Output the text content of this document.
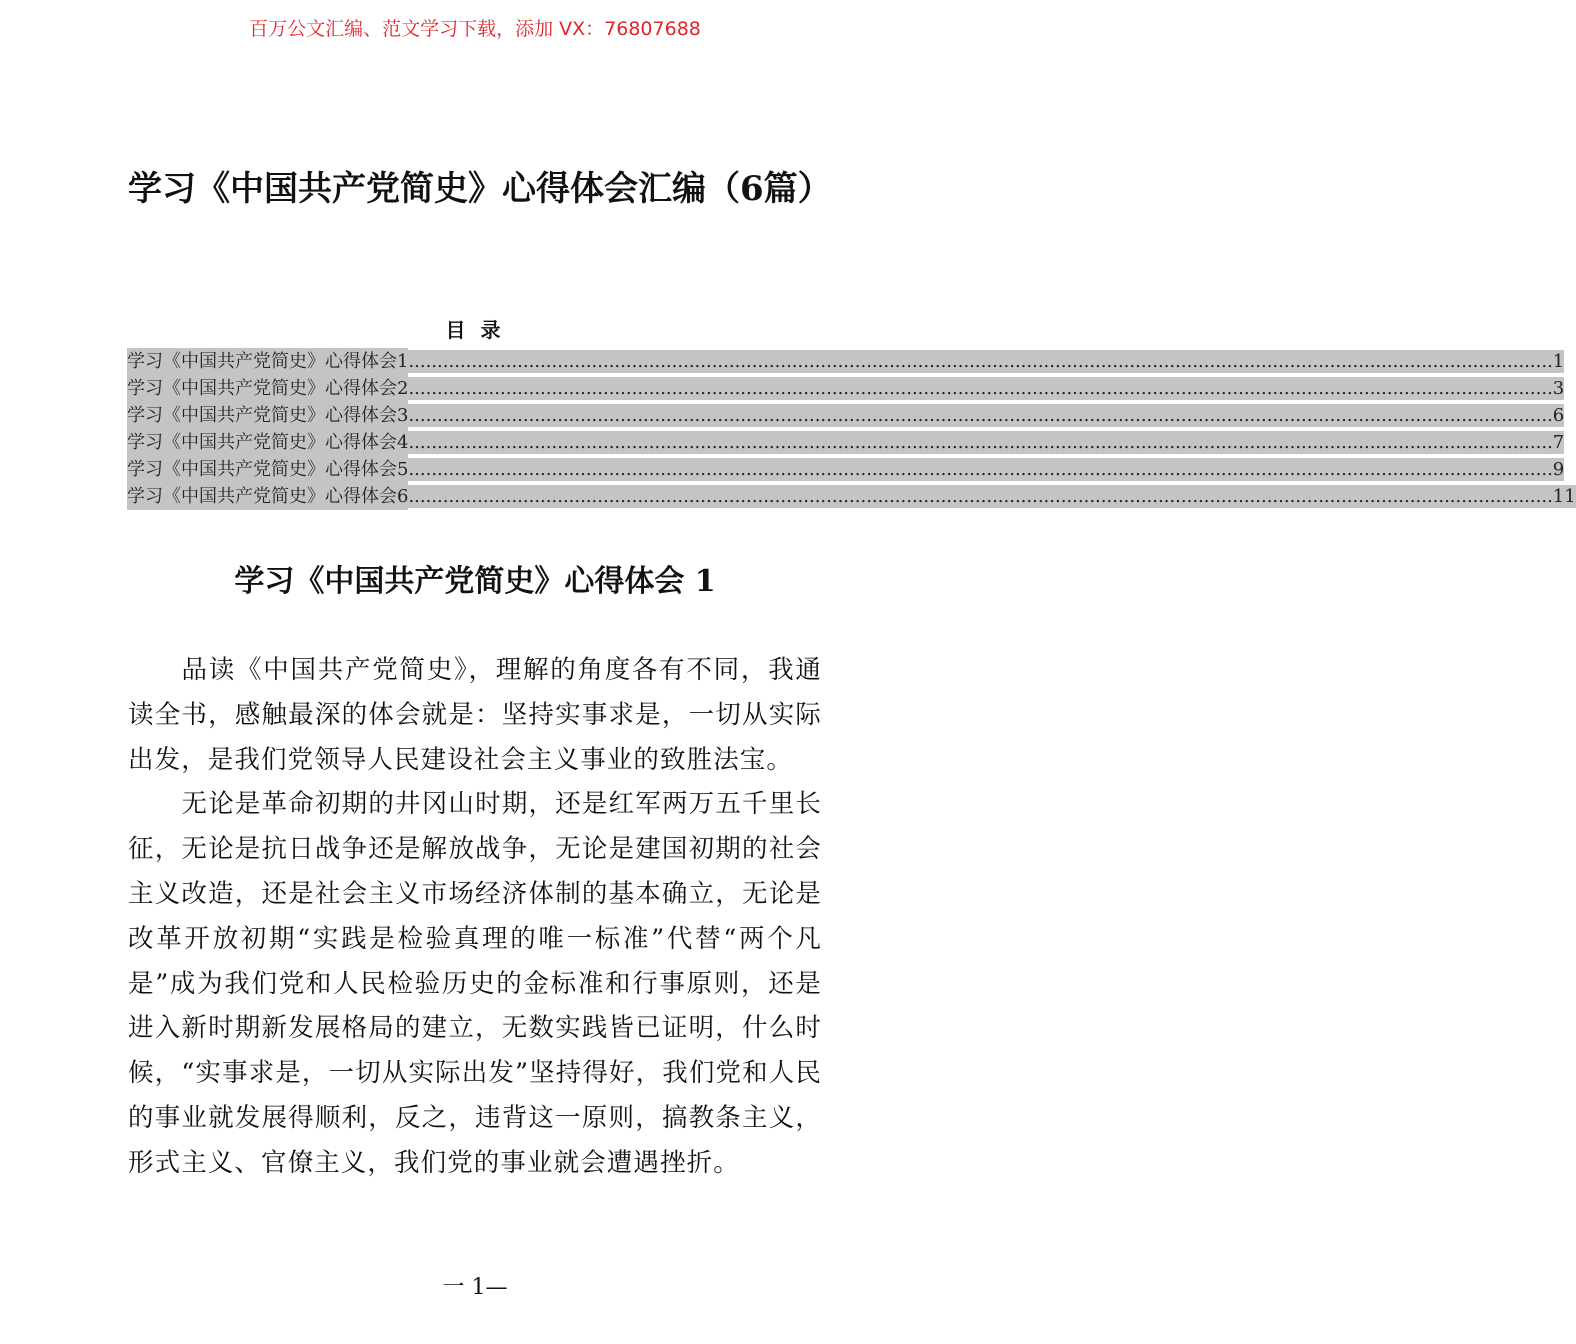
百万公文汇编、范文学习下载，添加 VX：76807688
学习《中国共产党简史》心得体会汇编（6篇）
目 录
学习《中国共产党简史》心得体会 1 ........................................................................................................................................................................................................ 1
学习《中国共产党简史》心得体会 2 ........................................................................................................................................................................................................ 3
学习《中国共产党简史》心得体会 3 ........................................................................................................................................................................................................ 6
学习《中国共产党简史》心得体会 4 ........................................................................................................................................................................................................ 7
学习《中国共产党简史》心得体会 5 ........................................................................................................................................................................................................ 9
学习《中国共产党简史》心得体会 6 ........................................................................................................................................................................................................ 11
学习《中国共产党简史》心得体会 1

品读《中国共产党简史》，理解的角度各有不同，我通读全书，感触最深的体会就是：坚持实事求是，一切从实际出发，是我们党领导人民建设社会主义事业的致胜法宝。

无论是革命初期的井冈山时期，还是红军两万五千里长征，无论是抗日战争还是解放战争，无论是建国初期的社会主义改造，还是社会主义市场经济体制的基本确立，无论是改革开放初期“实践是检验真理的唯一标准”代替“两个凡是”成为我们党和人民检验历史的金标准和行事原则，还是进入新时期新发展格局的建立，无数实践皆已证明，什么时候，“实事求是，一切从实际出发”坚持得好，我们党和人民的事业就发展得顺利，反之，违背这一原则，搞教条主义，形式主义、官僚主义，我们党的事业就会遭遇挫折。

一 1—
